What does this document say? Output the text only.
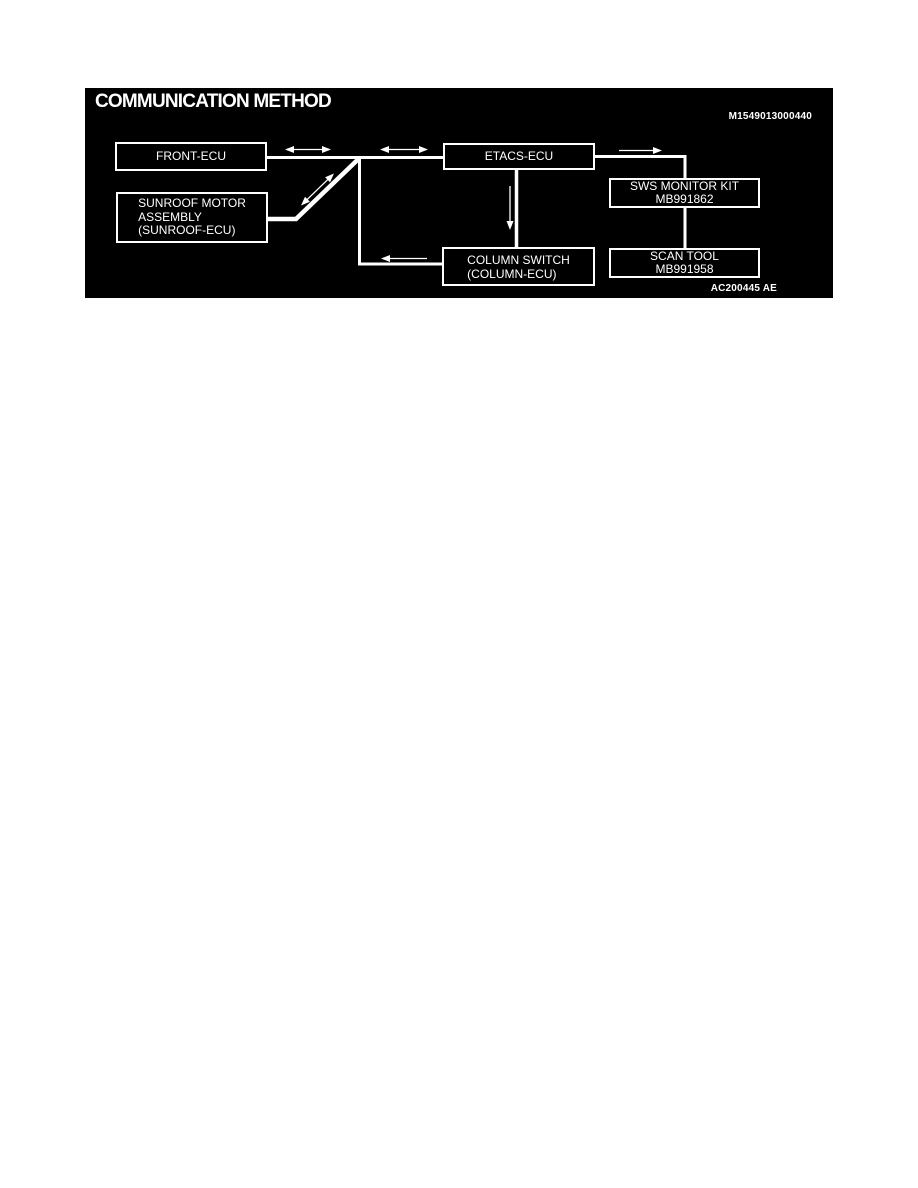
COMMUNICATION METHOD
M1549013000440
AC200445 AE
FRONT-ECU
SUNROOF MOTOR
ASSEMBLY
(SUNROOF-ECU)
ETACS-ECU
SWS MONITOR KIT
MB991862
COLUMN SWITCH
(COLUMN-ECU)
SCAN TOOL
MB991958
